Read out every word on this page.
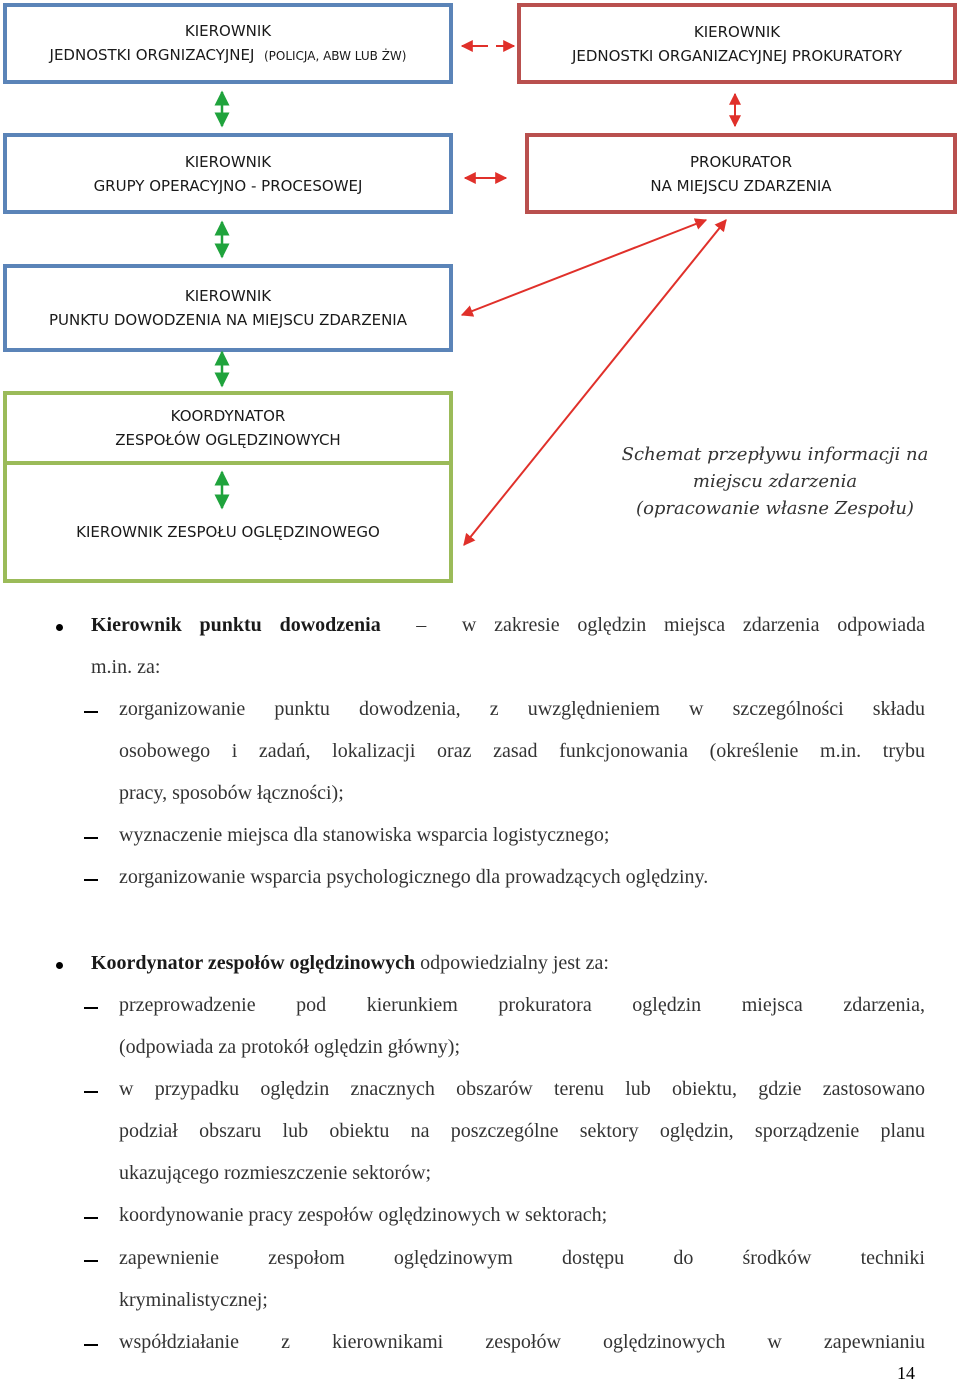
KIEROWNIK
JEDNOSTKI ORGNIZACYJNEJ (POLICJA, ABW LUB ŻW)
KIEROWNIK
JEDNOSTKI ORGANIZACYJNEJ PROKURATORY
KIEROWNIK
GRUPY OPERACYJNO - PROCESOWEJ
PROKURATOR
NA MIEJSCU ZDARZENIA
KIEROWNIK
PUNKTU DOWODZENIA NA MIEJSCU ZDARZENIA
KOORDYNATOR
ZESPOŁÓW OGLĘDZINOWYCH
KIEROWNIK ZESPOŁU OGLĘDZINOWEGO
Schemat przepływu informacji na
miejscu zdarzenia
(opracowanie własne Zespołu)
Kierownik punktu dowodzenia  –  w zakresie oględzin miejsca zdarzenia odpowiada
m.in. za:
zorganizowanie punktu dowodzenia, z uwzględnieniem w szczególności składu
osobowego i zadań, lokalizacji oraz zasad funkcjonowania (określenie m.in. trybu
pracy, sposobów łączności);
wyznaczenie miejsca dla stanowiska wsparcia logistycznego;
zorganizowanie wsparcia psychologicznego dla prowadzących oględziny.
Koordynator zespołów oględzinowych odpowiedzialny jest za:
przeprowadzenie pod kierunkiem prokuratora oględzin miejsca zdarzenia,
(odpowiada za protokół oględzin główny);
w przypadku oględzin znacznych obszarów terenu lub obiektu, gdzie zastosowano
podział obszaru lub obiektu na poszczególne sektory oględzin, sporządzenie planu
ukazującego rozmieszczenie sektorów;
koordynowanie pracy zespołów oględzinowych w sektorach;
zapewnienie zespołom oględzinowym dostępu do środków techniki
kryminalistycznej;
współdziałanie z kierownikami zespołów oględzinowych w zapewnianiu
14
